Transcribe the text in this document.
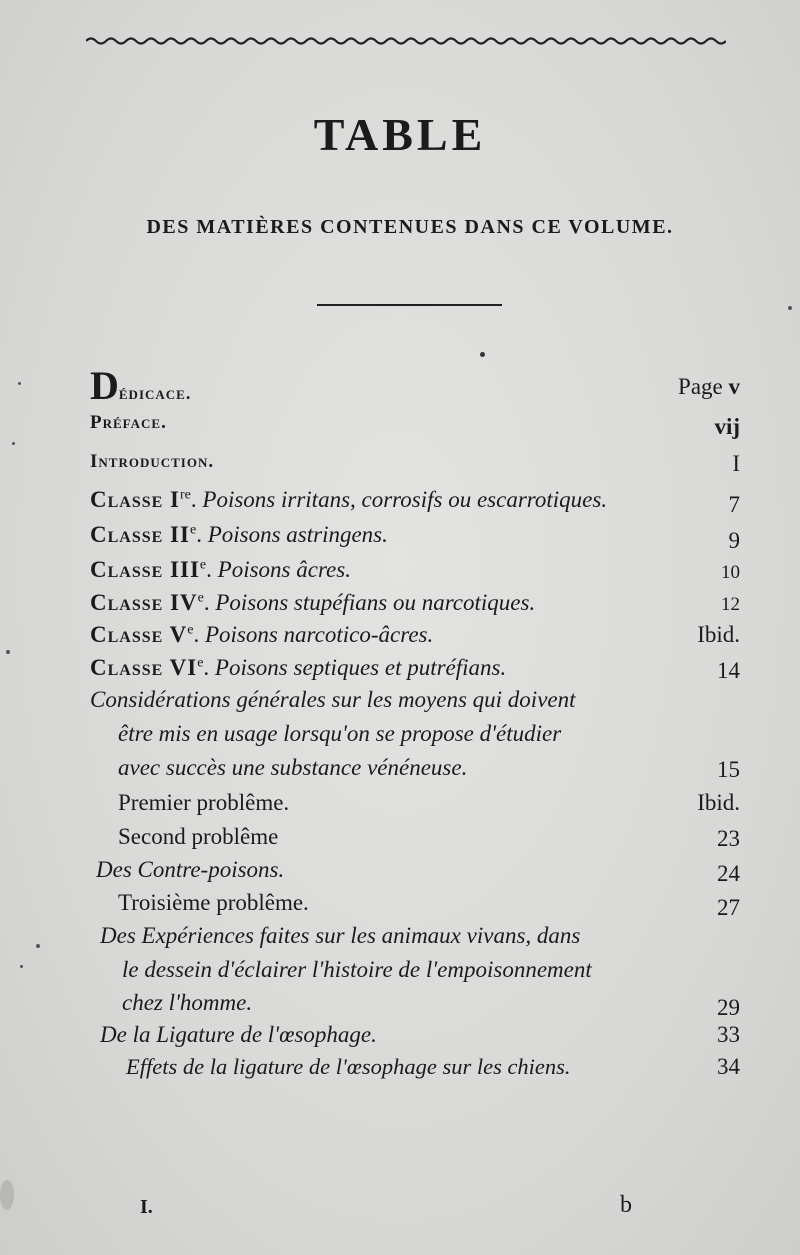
TABLE
DES MATIÈRES CONTENUES DANS CE VOLUME.
Dédicace.	Page v
Préface.	vij
Introduction.	I
Classe Ire. Poisons irritans, corrosifs ou escarrotiques.	7
Classe IIe. Poisons astringens.	9
Classe IIIe. Poisons âcres.	10
Classe IVe. Poisons stupéfians ou narcotiques.	12
Classe Ve. Poisons narcotico-âcres.	Ibid.
Classe VIe. Poisons septiques et putréfians.	14
Considérations générales sur les moyens qui doivent
être mis en usage lorsqu'on se propose d'étudier
avec succès une substance vénéneuse.	15
Premier problême.	Ibid.
Second problême	23
Des Contre-poisons.	24
Troisième problême.	27
Des Expériences faites sur les animaux vivans, dans
le dessein d'éclairer l'histoire de l'empoisonnement
chez l'homme.	29
De la Ligature de l'œsophage.	33
Effets de la ligature de l'œsophage sur les chiens.	34
I.	b
